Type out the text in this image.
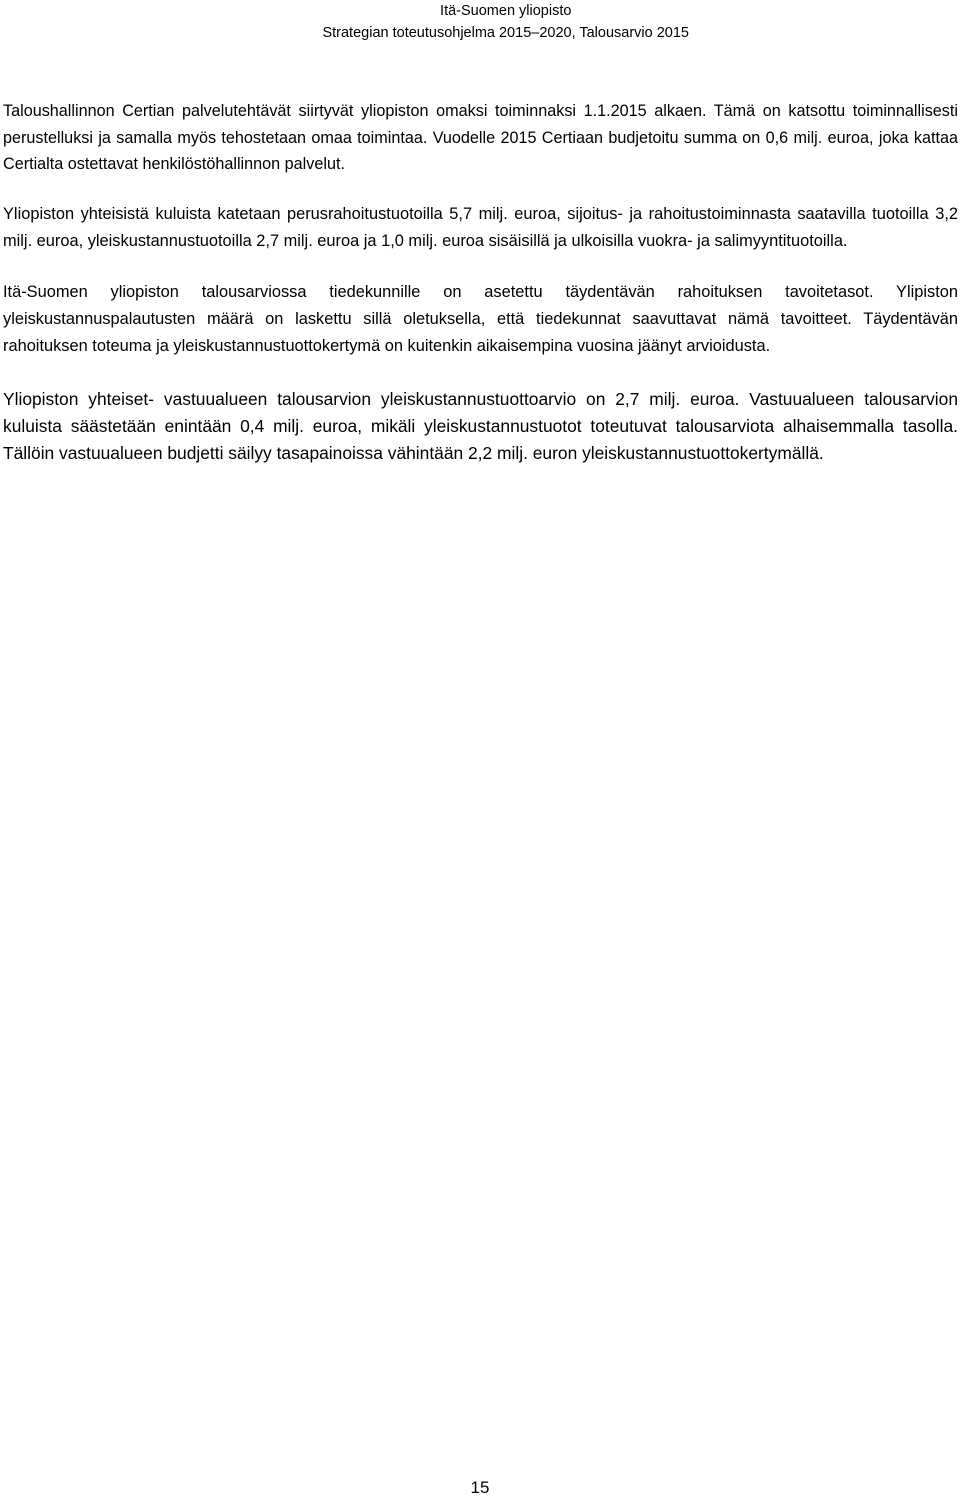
Itä-Suomen yliopisto
Strategian toteutusohjelma 2015–2020, Talousarvio 2015

Taloushallinnon Certian palvelutehtävät siirtyvät yliopiston omaksi toiminnaksi 1.1.2015 alkaen. Tämä on katsottu toiminnallisesti perustelluksi ja samalla myös tehostetaan omaa toimintaa. Vuodelle 2015 Certiaan budjetoitu summa on 0,6 milj. euroa, joka kattaa Certialta ostettavat henkilöstöhallinnon palvelut.

Yliopiston yhteisistä kuluista katetaan perusrahoitustuotoilla 5,7 milj. euroa, sijoitus- ja rahoitustoiminnasta saatavilla tuotoilla 3,2 milj. euroa, yleiskustannustuotoilla 2,7 milj. euroa ja 1,0 milj. euroa sisäisillä ja ulkoisilla vuokra- ja salimyyntituotoilla.

Itä-Suomen yliopiston talousarviossa tiedekunnille on asetettu täydentävän rahoituksen tavoitetasot. Ylipiston yleiskustannuspalautusten määrä on laskettu sillä oletuksella, että tiedekunnat saavuttavat nämä tavoitteet. Täydentävän rahoituksen toteuma ja yleiskustannustuottokertymä on kuitenkin aikaisempina vuosina jäänyt arvioidusta.

Yliopiston yhteiset- vastuualueen talousarvion yleiskustannustuottoarvio on 2,7 milj. euroa. Vastuualueen talousarvion kuluista säästetään enintään 0,4 milj. euroa, mikäli yleiskustannustuotot toteutuvat talousarviota alhaisemmalla tasolla. Tällöin vastuualueen budjetti säilyy tasapainoissa vähintään 2,2 milj. euron yleiskustannustuottokertymällä.

15
